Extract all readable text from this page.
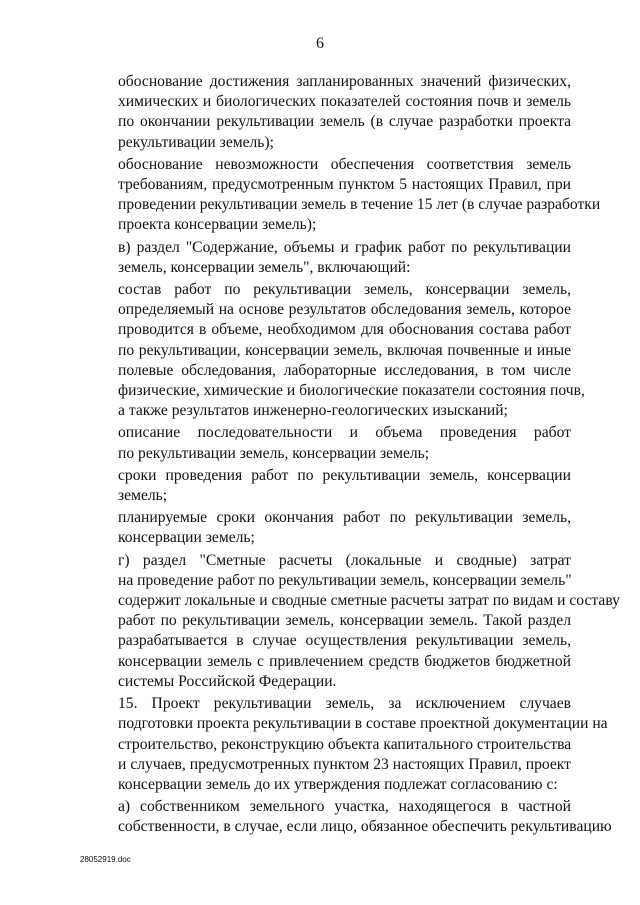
6
обоснование достижения запланированных значений физических,
химических и биологических показателей состояния почв и земель
по окончании рекультивации земель (в случае разработки проекта
рекультивации земель);
обоснование невозможности обеспечения соответствия земель
требованиям, предусмотренным пунктом 5 настоящих Правил, при
проведении рекультивации земель в течение 15 лет (в случае разработки
проекта консервации земель);
в) раздел "Содержание, объемы и график работ по рекультивации
земель, консервации земель", включающий:
состав работ по рекультивации земель, консервации земель,
определяемый на основе результатов обследования земель, которое
проводится в объеме, необходимом для обоснования состава работ
по рекультивации, консервации земель, включая почвенные и иные
полевые обследования, лабораторные исследования, в том числе
физические, химические и биологические показатели состояния почв,
а также результатов инженерно-геологических изысканий;
описание последовательности и объема проведения работ
по рекультивации земель, консервации земель;
сроки проведения работ по рекультивации земель, консервации
земель;
планируемые сроки окончания работ по рекультивации земель,
консервации земель;
г) раздел "Сметные расчеты (локальные и сводные) затрат
на проведение работ по рекультивации земель, консервации земель"
содержит локальные и сводные сметные расчеты затрат по видам и составу
работ по рекультивации земель, консервации земель. Такой раздел
разрабатывается в случае осуществления рекультивации земель,
консервации земель с привлечением средств бюджетов бюджетной
системы Российской Федерации.
15. Проект рекультивации земель, за исключением случаев
подготовки проекта рекультивации в составе проектной документации на
строительство, реконструкцию объекта капитального строительства
и случаев, предусмотренных пунктом 23 настоящих Правил, проект
консервации земель до их утверждения подлежат согласованию с:
а) собственником земельного участка, находящегося в частной
собственности, в случае, если лицо, обязанное обеспечить рекультивацию
28052919.doc
